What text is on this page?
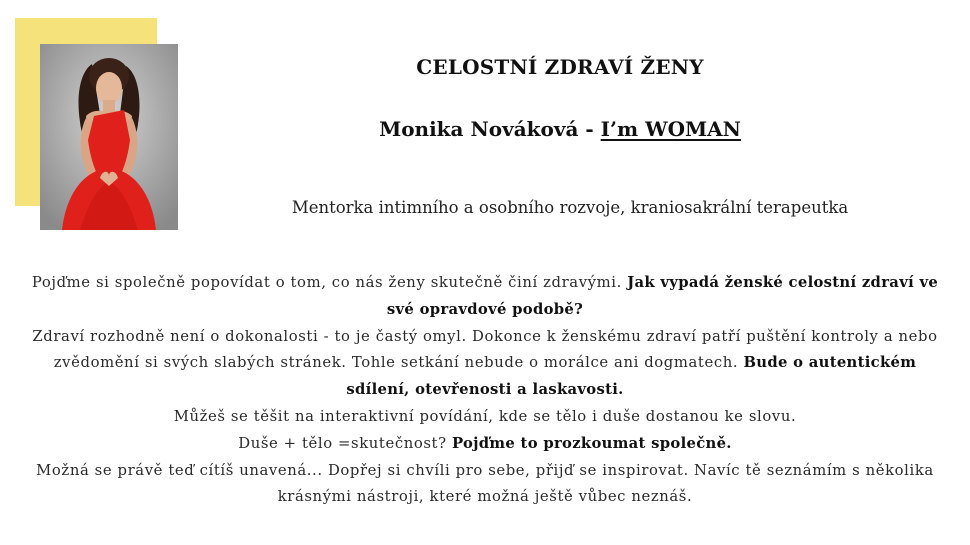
CELOSTNÍ ZDRAVÍ ŽENY
Monika Nováková - I’m WOMAN

Mentorka intimního a osobního rozvoje, kraniosakrální terapeutka

Pojďme si společně popovídat o tom, co nás ženy skutečně činí zdravými. Jak vypadá ženské celostní zdraví ve své opravdové podobě?
Zdraví rozhodně není o dokonalosti - to je častý omyl. Dokonce k ženskému zdraví patří puštění kontroly a nebo zvědomění si svých slabých stránek. Tohle setkání nebude o morálce ani dogmatech. Bude o autentickém sdílení, otevřenosti a laskavosti.
Můžeš se těšit na interaktivní povídání, kde se tělo i duše dostanou ke slovu.
Duše + tělo =skutečnost? Pojďme to prozkoumat společně.
Možná se právě teď cítíš unavená... Dopřej si chvíli pro sebe, přijď se inspirovat. Navíc tě seznámím s několika krásnými nástroji, které možná ještě vůbec neznáš.
